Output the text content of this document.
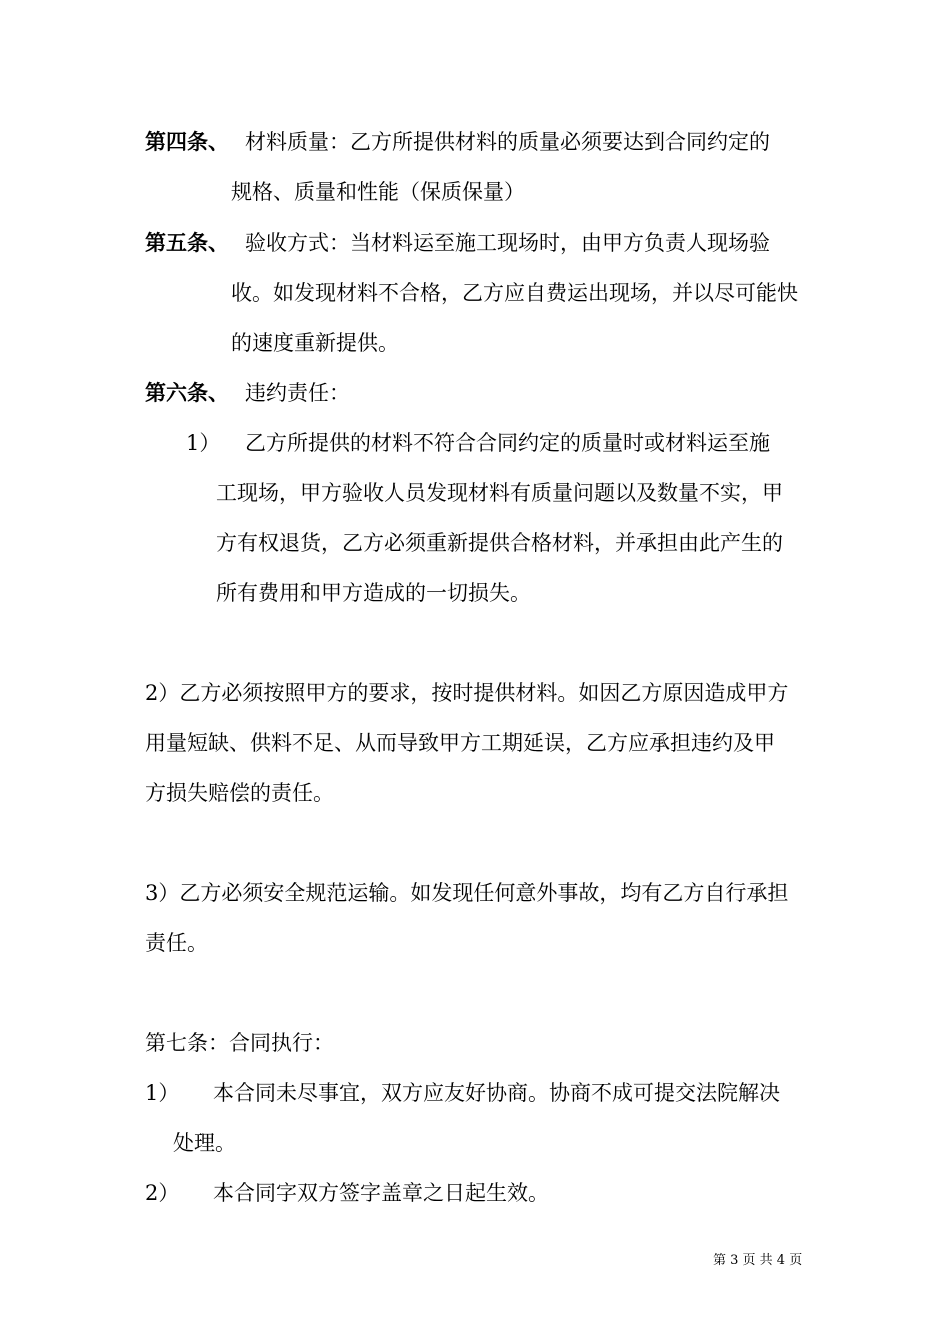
第四条、 材料质量：乙方所提供材料的质量必须要达到合同约定的
规格、质量和性能（保质保量）
第五条、 验收方式：当材料运至施工现场时，由甲方负责人现场验
收。如发现材料不合格，乙方应自费运出现场，并以尽可能快
的速度重新提供。
第六条、 违约责任：
1） 乙方所提供的材料不符合合同约定的质量时或材料运至施
工现场，甲方验收人员发现材料有质量问题以及数量不实，甲
方有权退货，乙方必须重新提供合格材料，并承担由此产生的
所有费用和甲方造成的一切损失。
2）乙方必须按照甲方的要求，按时提供材料。如因乙方原因造成甲方
用量短缺、供料不足、从而导致甲方工期延误，乙方应承担违约及甲
方损失赔偿的责任。
3）乙方必须安全规范运输。如发现任何意外事故，均有乙方自行承担
责任。
第七条：合同执行：
1） 本合同未尽事宜，双方应友好协商。协商不成可提交法院解决
处理。
2） 本合同字双方签字盖章之日起生效。
第 3 页 共 4 页
